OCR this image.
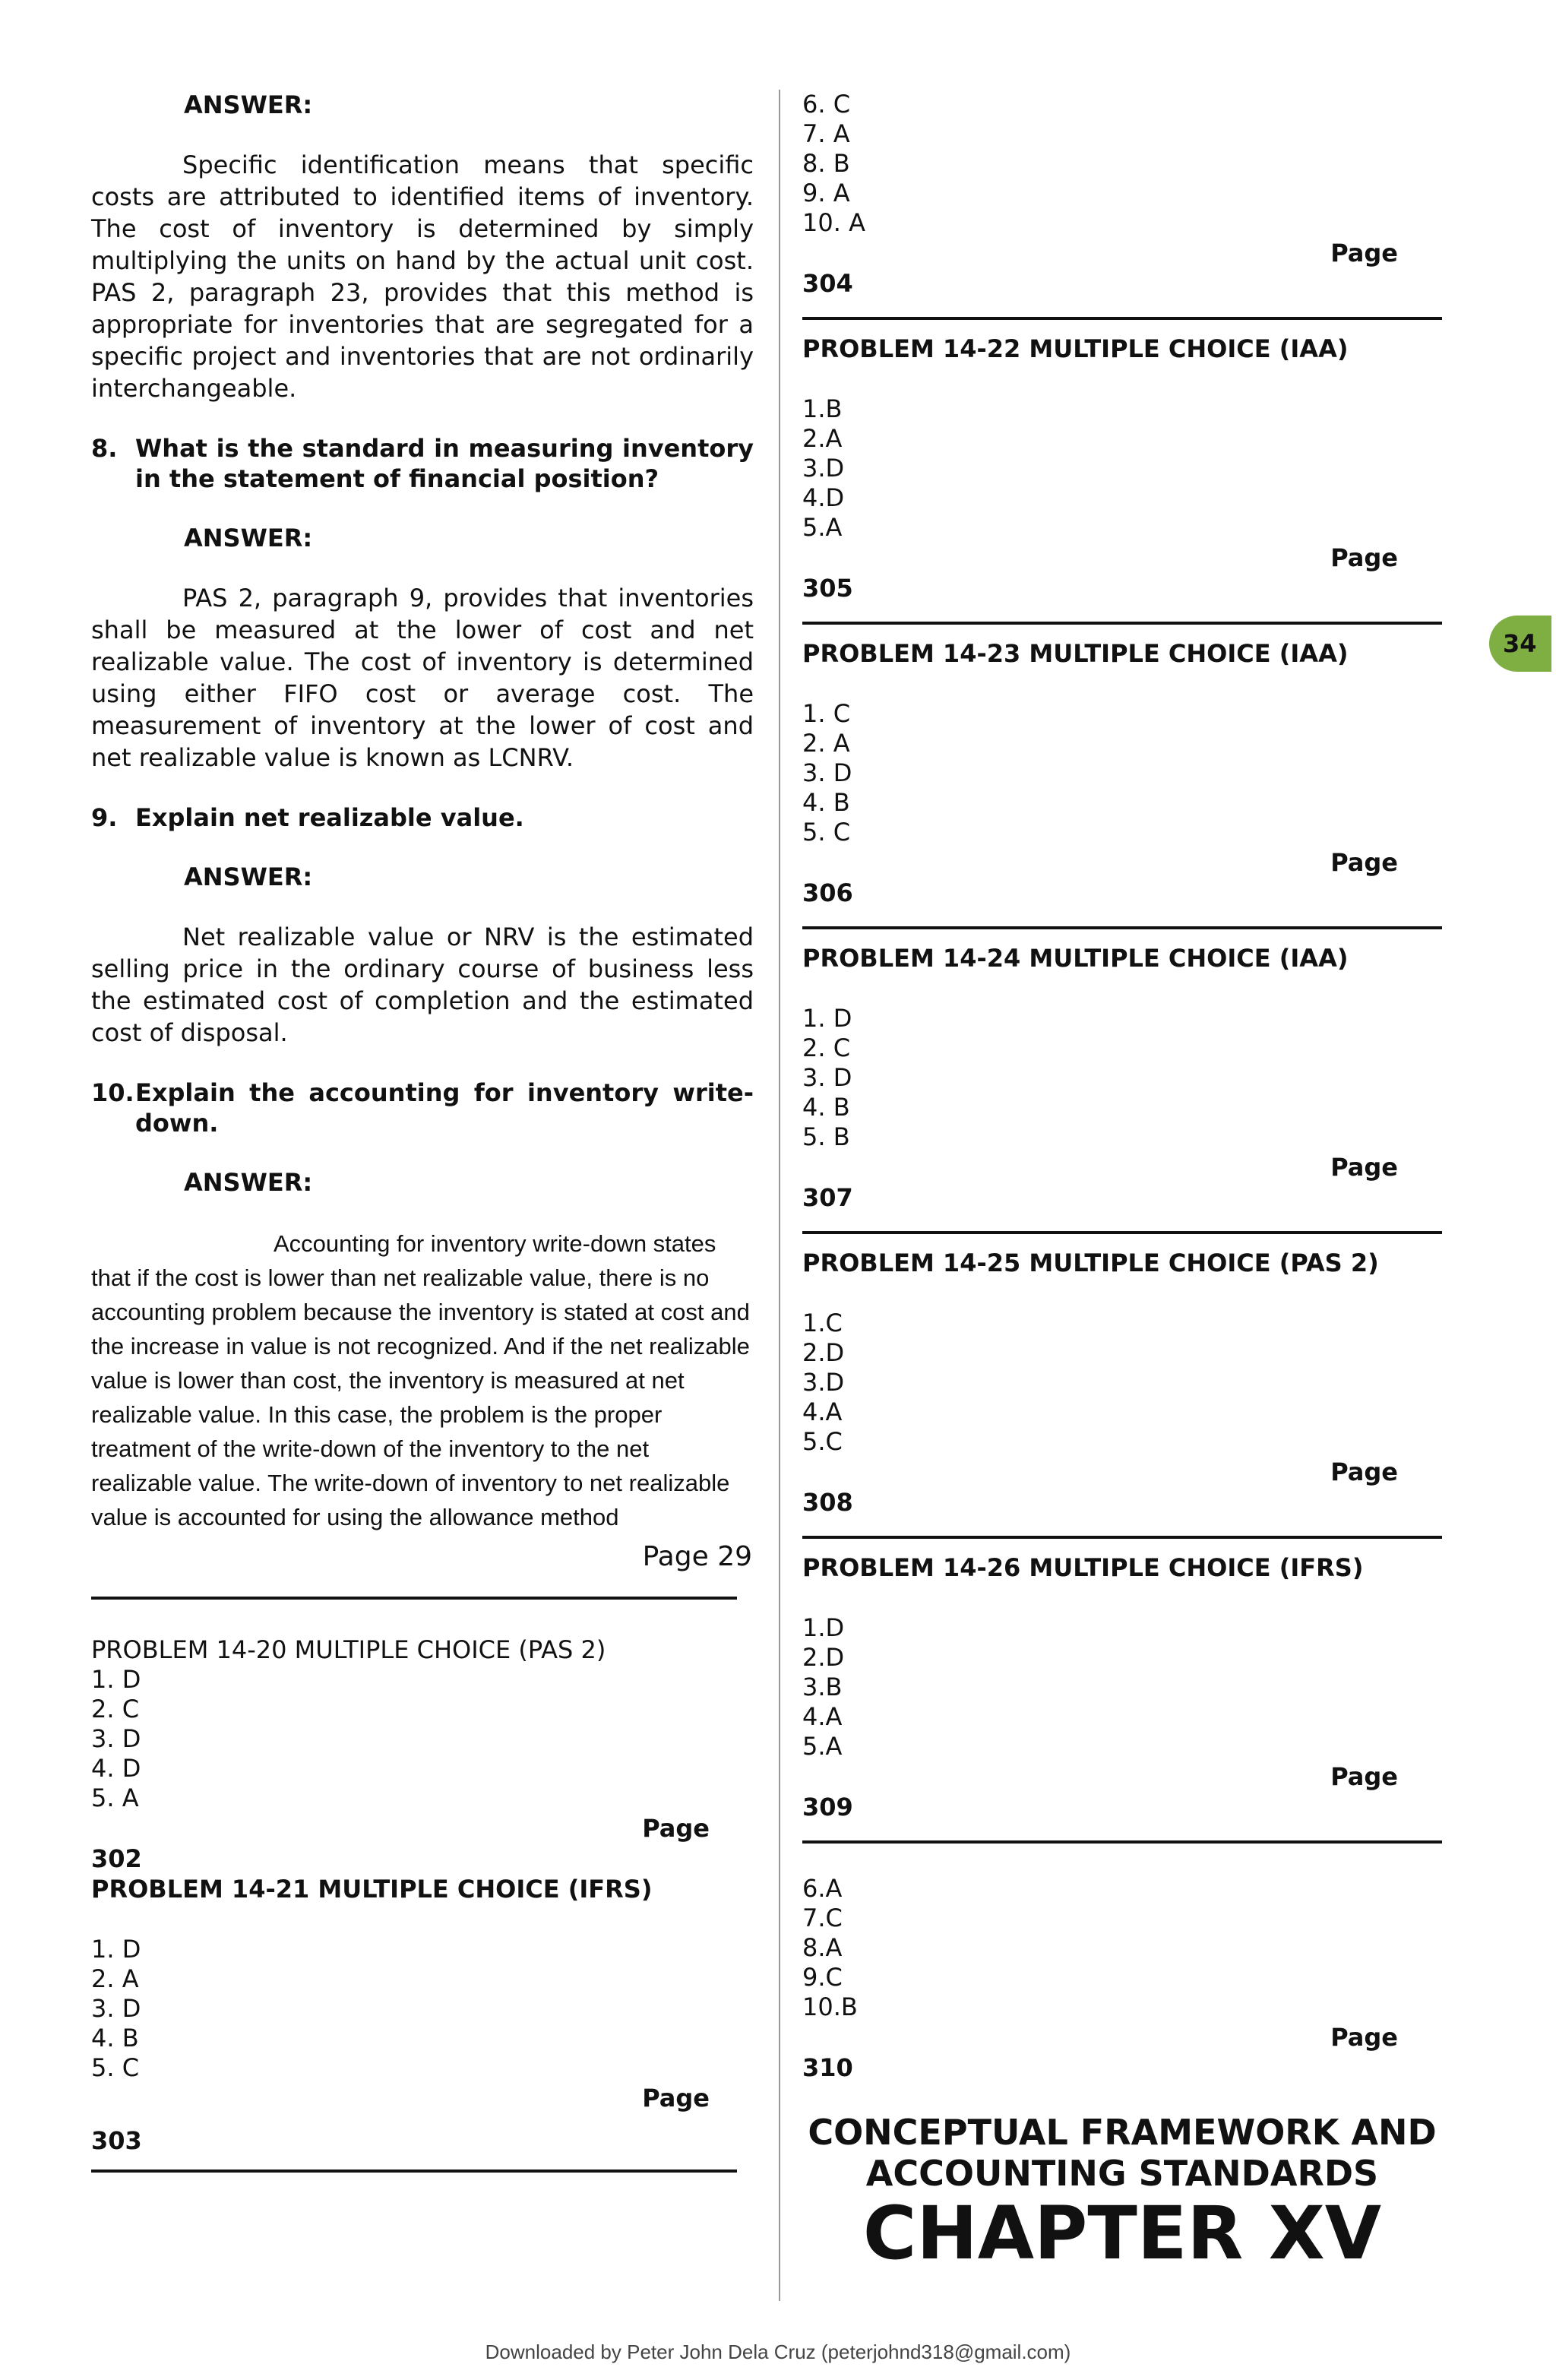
ANSWER:

Specific identification means that specific costs are attributed to identified items of inventory. The cost of inventory is determined by simply multiplying the units on hand by the actual unit cost. PAS 2, paragraph 23, provides that this method is appropriate for inventories that are segregated for a specific project and inventories that are not ordinarily interchangeable.

8. What is the standard in measuring inventory in the statement of financial position?

ANSWER:

PAS 2, paragraph 9, provides that inventories shall be measured at the lower of cost and net realizable value. The cost of inventory is determined using either FIFO cost or average cost. The measurement of inventory at the lower of cost and net realizable value is known as LCNRV.

9. Explain net realizable value.

ANSWER:

Net realizable value or NRV is the estimated selling price in the ordinary course of business less the estimated cost of completion and the estimated cost of disposal.

10. Explain the accounting for inventory write-down.

ANSWER:

Accounting for inventory write-down states that if the cost is lower than net realizable value, there is no accounting problem because the inventory is stated at cost and the increase in value is not recognized. And if the net realizable value is lower than cost, the inventory is measured at net realizable value. In this case, the problem is the proper treatment of the write-down of the inventory to the net realizable value. The write-down of inventory to net realizable value is accounted for using the allowance method

Page 29

PROBLEM 14-20 MULTIPLE CHOICE (PAS 2)

1. D
2. C
3. D
4. D
5. A

Page

302

PROBLEM 14-21 MULTIPLE CHOICE (IFRS)

1. D
2. A
3. D
4. B
5. C

Page

303

6. C
7. A
8. B
9. A
10. A

Page

304

PROBLEM 14-22 MULTIPLE CHOICE (IAA)

1.B
2.A
3.D
4.D
5.A

Page

305

PROBLEM 14-23 MULTIPLE CHOICE (IAA)

1. C
2. A
3. D
4. B
5. C

Page

306

PROBLEM 14-24 MULTIPLE CHOICE (IAA)

1. D
2. C
3. D
4. B
5. B

Page

307

PROBLEM 14-25 MULTIPLE CHOICE (PAS 2)

1.C
2.D
3.D
4.A
5.C

Page

308

PROBLEM 14-26 MULTIPLE CHOICE (IFRS)

1.D
2.D
3.B
4.A
5.A

Page

309

6.A
7.C
8.A
9.C
10.B

Page

310

CONCEPTUAL FRAMEWORK AND
ACCOUNTING STANDARDS

CHAPTER XV

34
Downloaded by Peter John Dela Cruz (peterjohnd318@gmail.com)
